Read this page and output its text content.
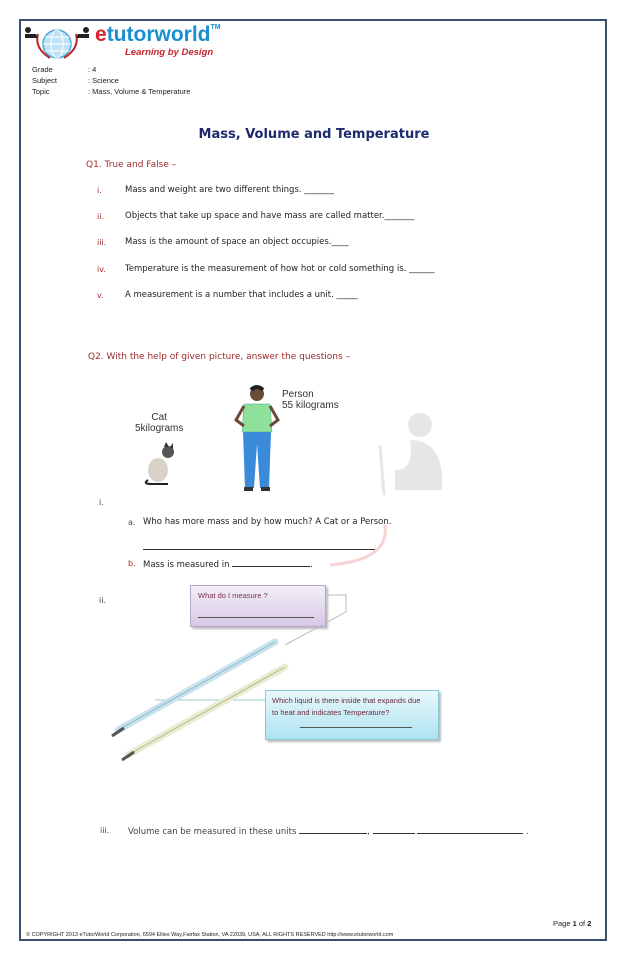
etutorworld™
Learning by Design
Grade	: 4
Subject	: Science
Topic	: Mass, Volume & Temperature
Mass, Volume and Temperature
Q1. True and False –
i.	Mass and weight are two different things. _______
ii. Objects that take up space and have mass are called matter._______
iii. Mass is the amount of space an object occupies.____
iv. Temperature is the measurement of how hot or cold something is. ______
v.	A measurement is a number that includes a unit. _____
Q2. With the help of given picture, answer the questions –
Cat
5kilograms
Person
55 kilograms
i.
a. Who has more mass and by how much? A Cat or a Person.
b. Mass is measured in	.
ii.
What do I measure ?
Which liquid is there inside that expands due
to heat and indicates Temperature?
iii. Volume can be measured in these units	,	.
Page 1 of 2
© COPYRIGHT 2013 eTutorWorld Corporation, 6594 Ellies Way,Fairfax Station, VA 22039, USA, ALL RIGHTS RESERVED http://www.etutorworld.com
